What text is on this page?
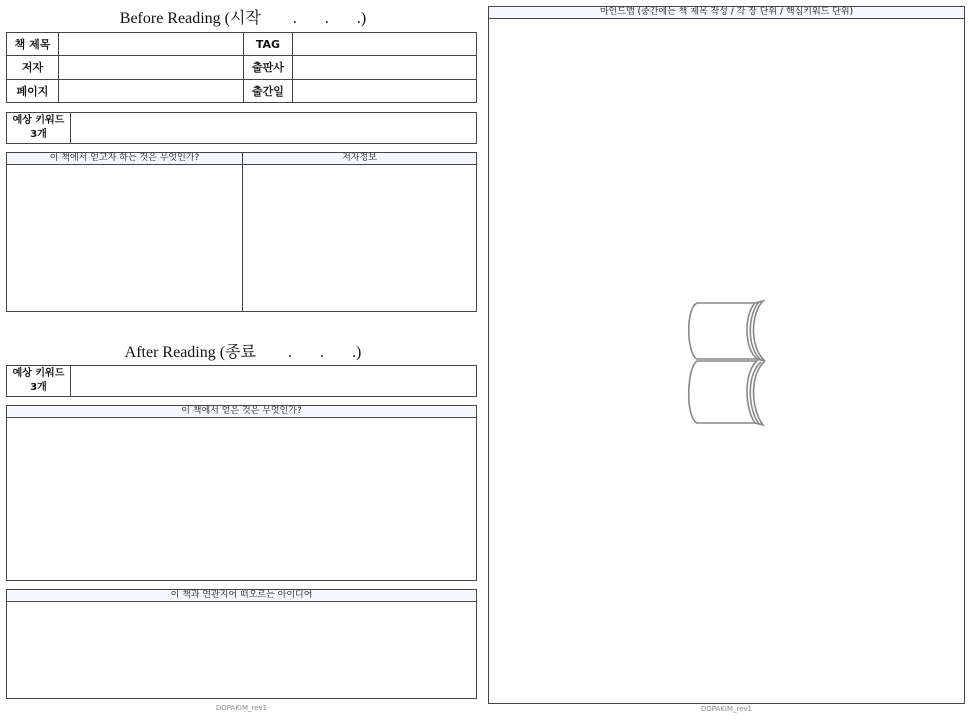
Before Reading (시작        .       .       .)
책 제목		TAG	
저자		출판사	
페이지		출간일	
예상 키워드
3개
이 책에서 얻고자 하는 것은 무엇인가?	저자정보
After Reading (종료        .       .       .)
예상 키워드
3개
이 책에서 얻은 것은 무엇인가?
이 책과 연관지어 떠오르는 아이디어
DOPAKIM_rev1
마인드맵 (중간에는 책 제목 작성 / 각 장 단위 / 핵심키워드 단위)
DOPAKIM_rev1
